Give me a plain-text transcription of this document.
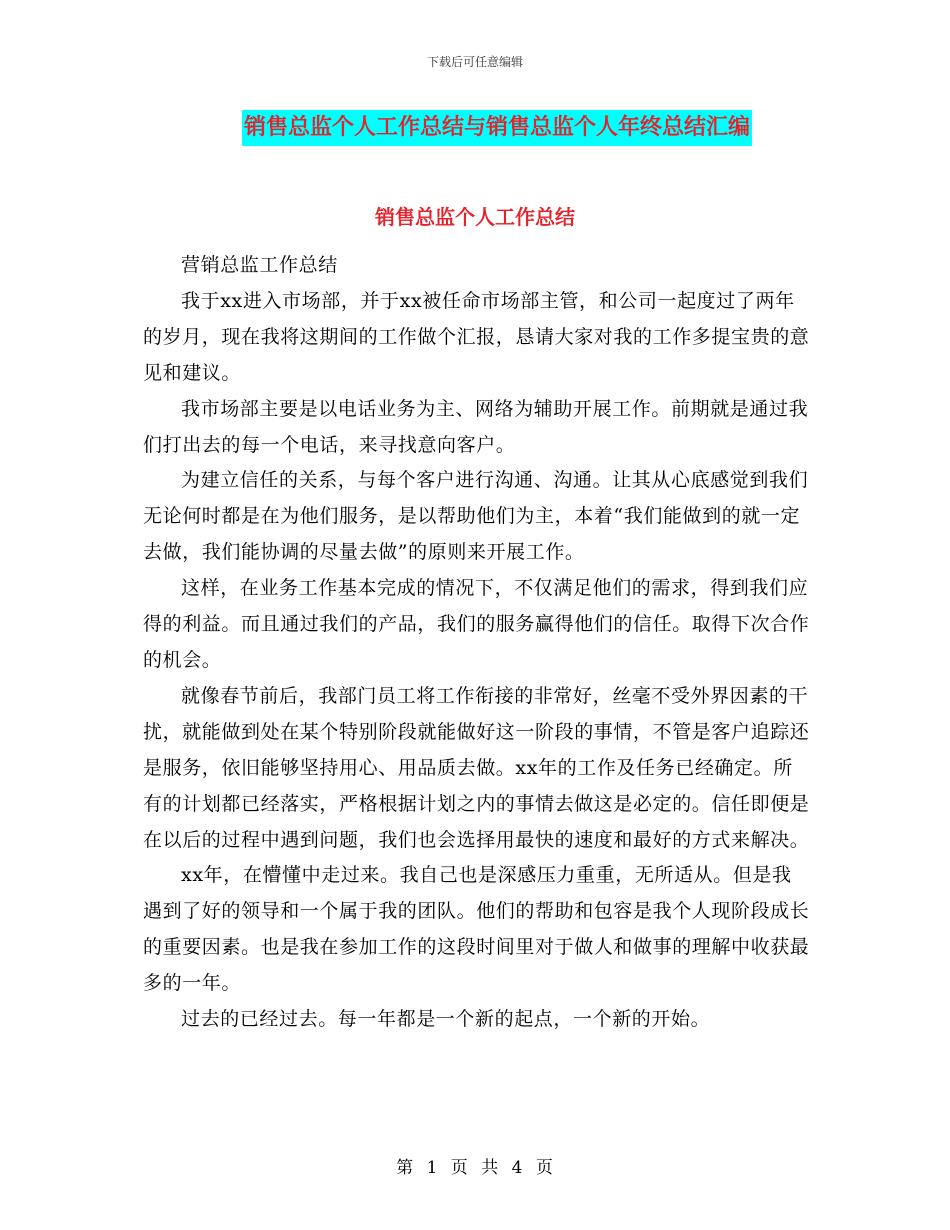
下载后可任意编辑
销售总监个人工作总结与销售总监个人年终总结汇编
销售总监个人工作总结

营销总监工作总结

我于xx进入市场部，并于xx被任命市场部主管，和公司一起度过了两年的岁月，现在我将这期间的工作做个汇报，恳请大家对我的工作多提宝贵的意见和建议。

我市场部主要是以电话业务为主、网络为辅助开展工作。前期就是通过我们打出去的每一个电话，来寻找意向客户。

为建立信任的关系，与每个客户进行沟通、沟通。让其从心底感觉到我们无论何时都是在为他们服务，是以帮助他们为主，本着“我们能做到的就一定去做，我们能协调的尽量去做”的原则来开展工作。

这样，在业务工作基本完成的情况下，不仅满足他们的需求，得到我们应得的利益。而且通过我们的产品，我们的服务赢得他们的信任。取得下次合作的机会。

就像春节前后，我部门员工将工作衔接的非常好，丝毫不受外界因素的干扰，就能做到处在某个特别阶段就能做好这一阶段的事情，不管是客户追踪还是服务，依旧能够坚持用心、用品质去做。xx年的工作及任务已经确定。所有的计划都已经落实，严格根据计划之内的事情去做这是必定的。信任即便是在以后的过程中遇到问题，我们也会选择用最快的速度和最好的方式来解决。

xx年，在懵懂中走过来。我自己也是深感压力重重，无所适从。但是我遇到了好的领导和一个属于我的团队。他们的帮助和包容是我个人现阶段成长的重要因素。也是我在参加工作的这段时间里对于做人和做事的理解中收获最多的一年。

过去的已经过去。每一年都是一个新的起点，一个新的开始。

第 1 页 共 4 页
